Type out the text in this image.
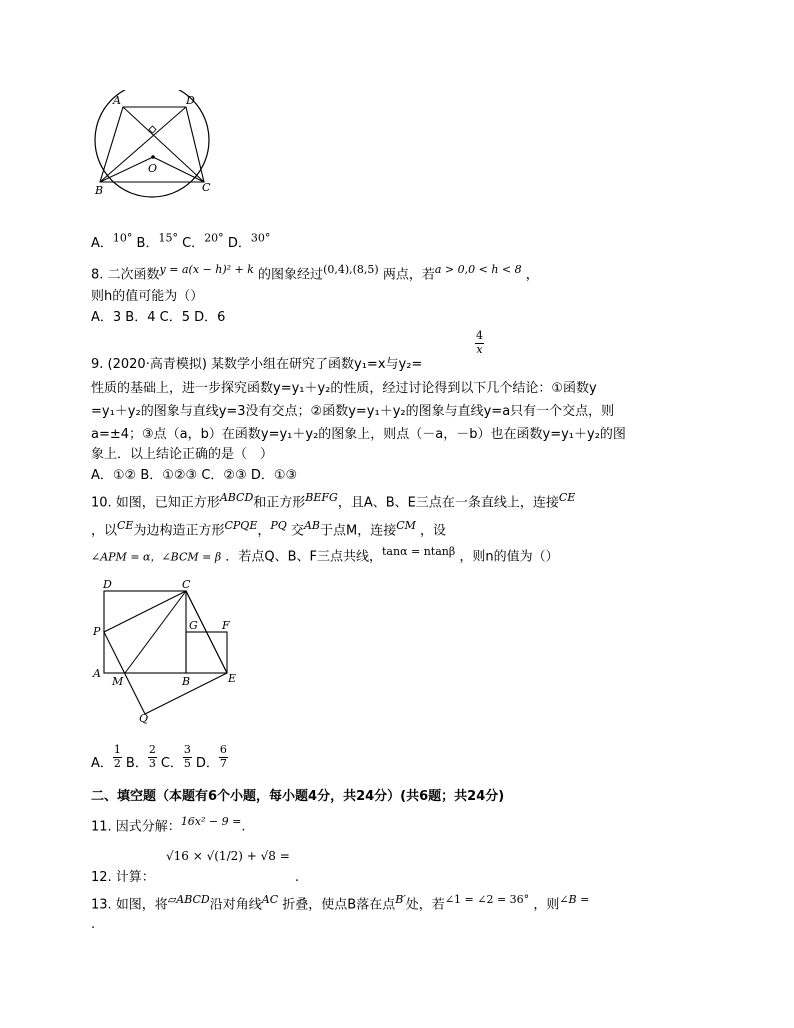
A	D
O
B	C
A．$^{10^\circ}$ B．$^{15^\circ}$ C．$^{20^\circ}$ D．$^{30^\circ}$
8. 二次函数$^{y = a(x - h)^2 + k}$ 的图象经过$^{(0,4),(8,5)}$ 两点，若$^{a > 0,0 < h < 8}$ ，
则h的值可能为（）
A．3 B．4 C．5 D．6
$\frac{4}{x}$
9. (2020·高青模拟) 某数学小组在研究了函数y₁=x与y₂=
性质的基础上，进一步探究函数y=y₁＋y₂的性质，经过讨论得到以下几个结论：①函数y
=y₁＋y₂的图象与直线y=3没有交点；②函数y=y₁＋y₂的图象与直线y=a只有一个交点，则
a=±4；③点（a，b）在函数y=y₁＋y₂的图象上，则点（－a，－b）也在函数y=y₁＋y₂的图
象上．以上结论正确的是（　）
A．①② B．①②③ C．②③ D．①③
10. 如图，已知正方形$^{ABCD}$和正方形$^{BEFG}$，且A、B、E三点在一条直线上，连接$^{CE}$
，以$^{CE}$为边构造正方形$^{CPQE}$，$^{PQ}$ 交$^{AB}$于点M，连接$^{CM}$ ，设
∠APM = α，∠BCM = β ．若点Q、B、F三点共线，$^{tan\alpha = ntan\beta}$ ，则n的值为（）
D	C
G F
P
A
M	B	E
Q
A． $\frac{1}{2}$ B． $\frac{2}{3}$ C． $\frac{3}{5}$ D． $\frac{6}{7}$
二、填空题（本题有6个小题，每小题4分，共24分）(共6题；共24分)
11. 因式分解：$^{16x^2 - 9 =}$.
√16 × √(1/2) + √8 =
12. 计算：	.
13. 如图，将$^{▱ABCD}$沿对角线$^{AC}$ 折叠，使点B落在点$^{B'}$处，若$^{\angle 1 = \angle 2 = 36^\circ}$ ，则$^{\angle B =}$
.
